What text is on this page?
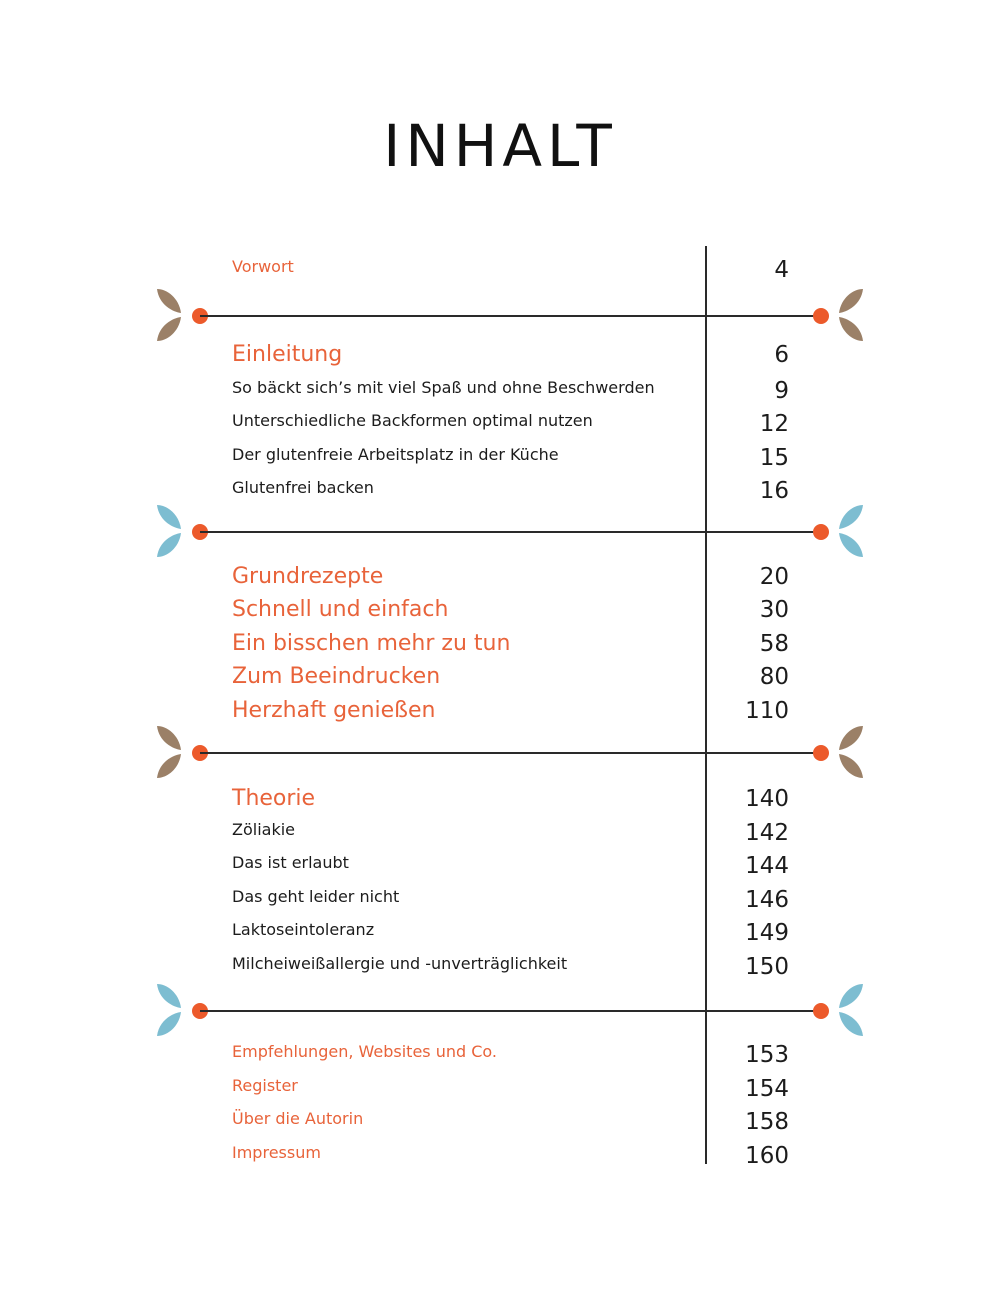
INHALT
Vorwort	4
Einleitung	6
So bäckt sich’s mit viel Spaß und ohne Beschwerden	9
Unterschiedliche Backformen optimal nutzen	12
Der glutenfreie Arbeitsplatz in der Küche	15
Glutenfrei backen	16
Grundrezepte	20
Schnell und einfach	30
Ein bisschen mehr zu tun	58
Zum Beeindrucken	80
Herzhaft genießen	110
Theorie	140
Zöliakie	142
Das ist erlaubt	144
Das geht leider nicht	146
Laktoseintoleranz	149
Milcheiweißallergie und -unverträglichkeit	150
Empfehlungen, Websites und Co.	153
Register	154
Über die Autorin	158
Impressum	160
